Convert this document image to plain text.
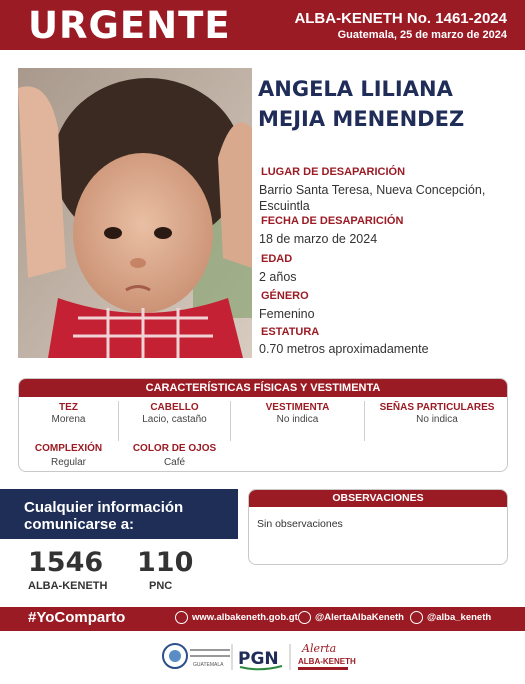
URGENTE	ALBA-KENETH No. 1461-2024
Guatemala, 25 de marzo de 2024
ANGELA LILIANA
MEJIA MENENDEZ
LUGAR DE DESAPARICIÓN
Barrio Santa Teresa, Nueva Concepción, Escuintla
FECHA DE DESAPARICIÓN
18 de marzo de 2024
EDAD
2 años
GÉNERO
Femenino
ESTATURA
0.70 metros aproximadamente
CARACTERÍSTICAS FÍSICAS Y VESTIMENTA
TEZ
Morena
CABELLO
Lacio, castaño
VESTIMENTA
No indica
SEÑAS PARTICULARES
No indica
COMPLEXIÓN
Regular
COLOR DE OJOS
Café
Cualquier información
comunicarse a:
1546
ALBA-KENETH
110
PNC
OBSERVACIONES
Sin observaciones
#YoComparto	www.albakeneth.gob.gt @AlertaAlbaKeneth @alba_keneth
GUATEMALA PGN
Alerta
ALBA-KENETH
